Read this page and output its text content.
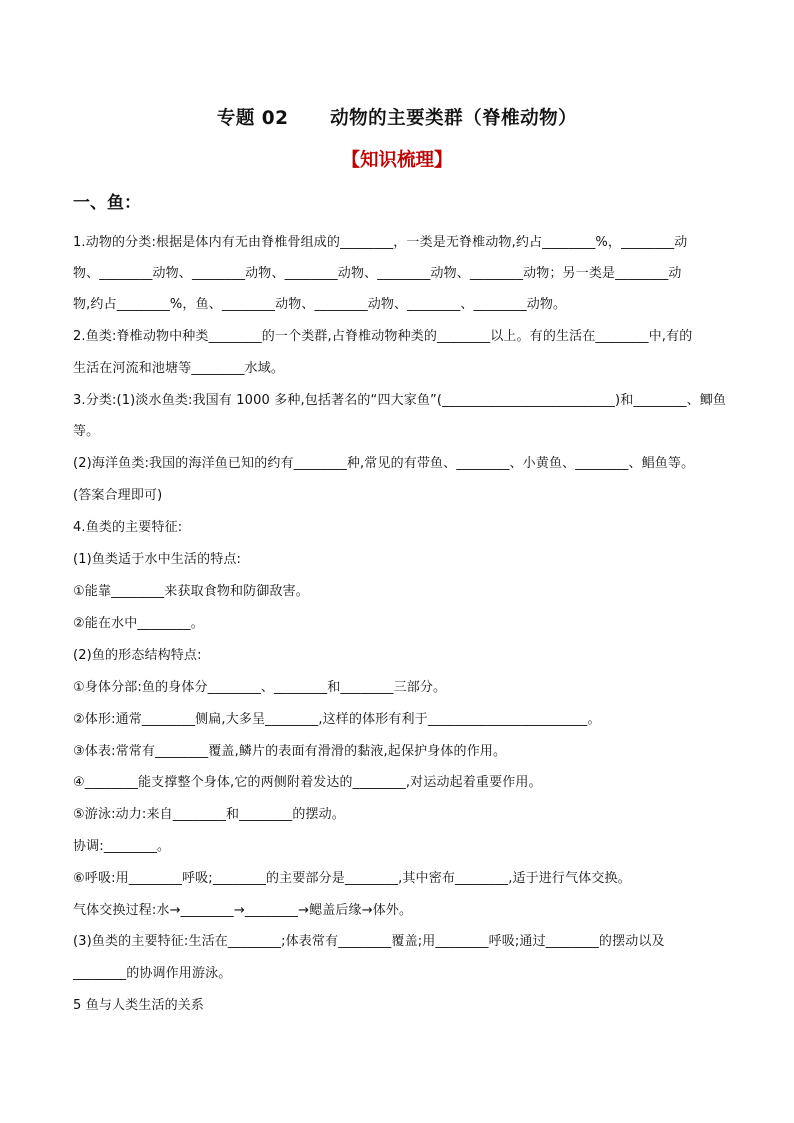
专题 02      动物的主要类群（脊椎动物）
【知识梳理】
一、鱼：
1.动物的分类:根据是体内有无由脊椎骨组成的________，一类是无脊椎动物,约占________%，________动
物、________动物、________动物、________动物、________动物、________动物；另一类是________动
物,约占________%，鱼、________动物、________动物、________、________动物。
2.鱼类:脊椎动物中种类________的一个类群,占脊椎动物种类的________以上。有的生活在________中,有的
生活在河流和池塘等________水域。
3.分类:(1)淡水鱼类:我国有 1000 多种,包括著名的“四大家鱼”(__________________________)和________、鲫鱼
等。
(2)海洋鱼类:我国的海洋鱼已知的约有________种,常见的有带鱼、________、小黄鱼、________、鲳鱼等。
(答案合理即可)
4.鱼类的主要特征:
(1)鱼类适于水中生活的特点:
①能靠________来获取食物和防御敌害。
②能在水中________。
(2)鱼的形态结构特点:
①身体分部:鱼的身体分________、________和________三部分。
②体形:通常________侧扁,大多呈________,这样的体形有利于________________________。
③体表:常常有________覆盖,鳞片的表面有滑滑的黏液,起保护身体的作用。
④________能支撑整个身体,它的两侧附着发达的________,对运动起着重要作用。
⑤游泳:动力:来自________和________的摆动。
协调:________。
⑥呼吸:用________呼吸;________的主要部分是________,其中密布________,适于进行气体交换。
气体交换过程:水→________→________→鳃盖后缘→体外。
(3)鱼类的主要特征:生活在________;体表常有________覆盖;用________呼吸;通过________的摆动以及
________的协调作用游泳。
5 鱼与人类生活的关系
